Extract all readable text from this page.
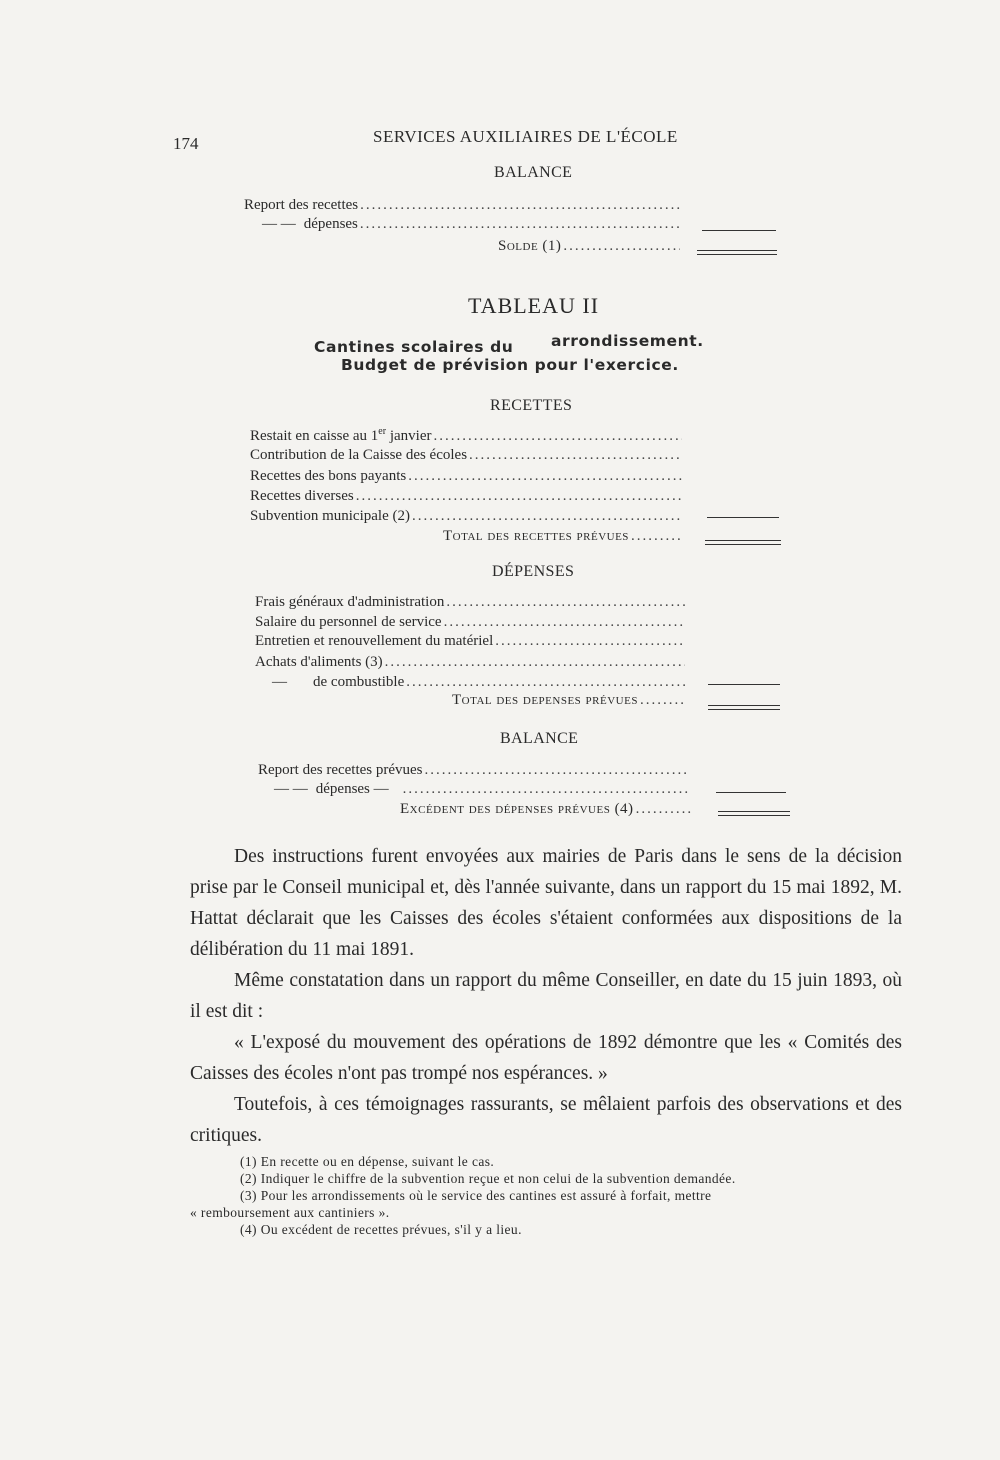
174	SERVICES AUXILIAIRES DE L'ÉCOLE
BALANCE
Report des recettes
.....
— — dépenses
.....
Solde (1)
.....
TABLEAU II
Cantines scolaires du arrondissement.
Budget de prévision pour l'exercice.
RECETTES
Restait en caisse au 1er janvier
.....
Contribution de la Caisse des écoles
.....
Recettes des bons payants
.....
Recettes diverses
.....
Subvention municipale (2)
.....
Total des recettes prévues
.....
DÉPENSES
Frais généraux d'administration
.....
Salaire du personnel de service
.....
Entretien et renouvellement du matériel
.....
Achats d'aliments (3)
.....
— de combustible
.....
Total des depenses prévues
.....
BALANCE
Report des recettes prévues
.....
— — dépenses —
.....
Excédent des dépenses prévues (4)
.....

Des instructions furent envoyées aux mairies de Paris dans le sens de la décision prise par le Conseil municipal et, dès l'année suivante, dans un rapport du 15 mai 1892, M. Hattat déclarait que les Caisses des écoles s'étaient conformées aux dispositions de la délibération du 11 mai 1891.

Même constatation dans un rapport du même Conseiller, en date du 15 juin 1893, où il est dit :

« L'exposé du mouvement des opérations de 1892 démontre que les « Comités des Caisses des écoles n'ont pas trompé nos espérances. »

Toutefois, à ces témoignages rassurants, se mêlaient parfois des observations et des critiques.

(1) En recette ou en dépense, suivant le cas.
(2) Indiquer le chiffre de la subvention reçue et non celui de la subvention demandée.
(3) Pour les arrondissements où le service des cantines est assuré à forfait, mettre
« remboursement aux cantiniers ».
(4) Ou excédent de recettes prévues, s'il y a lieu.
